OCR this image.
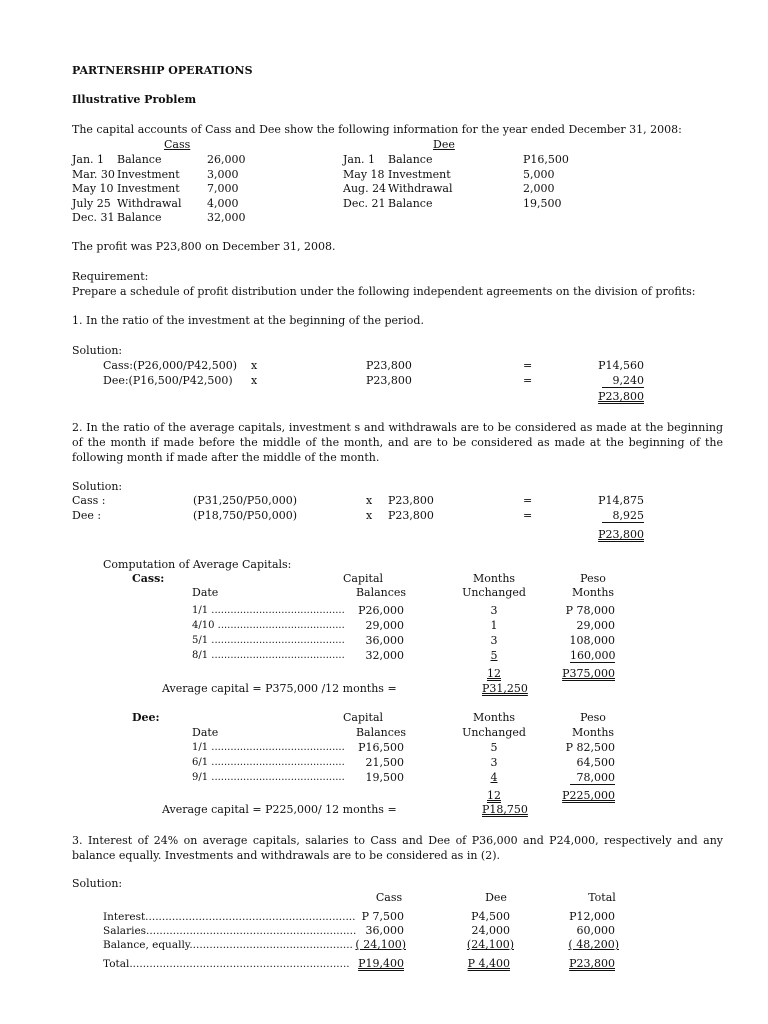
PARTNERSHIP OPERATIONS
Illustrative Problem
The capital accounts of Cass and Dee show the following information for the year ended December 31, 2008:
Cass	Dee
Jan. 1 Balance	26,000
Mar. 30 Investment 3,000
May 10 Investment 7,000
July 25 Withdrawal 4,000
Dec. 31 Balance	32,000
Jan. 1 Balance	P16,500
May 18 Investment	5,000
Aug. 24 Withdrawal	2,000
Dec. 21 Balance	19,500
The profit was P23,800 on December 31, 2008.
Requirement:
Prepare a schedule of profit distribution under the following independent agreements on the division of profits:
1. In the ratio of the investment at the beginning of the period.
Solution:
Cass:(P26,000/P42,500) x	P23,800	=	P14,560
Dee:(P16,500/P42,500) x	P23,800	=	9,240
P23,800
2. In the ratio of the average capitals, investment s and withdrawals are to be considered as made at the beginning of the month if made before the middle of the month, and are to be considered as made at the beginning of the following month if made after the middle of the month.
Solution:
Cass :	(P31,250/P50,000)	x P23,800	=	P14,875
Dee :	(P18,750/P50,000)	x P23,800	=	8,925
P23,800
Computation of Average Capitals:
Cass:	Capital	Months	Peso
Date	Balances	Unchanged	Months
1/1 ..........................................	P26,000	3	P 78,000
4/10 ........................................	29,000	1	29,000
5/1 ..........................................	36,000	3	108,000
8/1 ..........................................	32,000	5	160,000
12	P375,000
Average capital = P375,000 /12 months =	P31,250
Dee:	Capital	Months	Peso
Date	Balances	Unchanged	Months
1/1 ..........................................	P16,500	5	P 82,500
6/1 ..........................................	21,500	3	64,500
9/1 ..........................................	19,500	4	78,000
12	P225,000
Average capital = P225,000/ 12 months =	P18,750
3. Interest of 24% on average capitals, salaries to Cass and Dee of P36,000 and P24,000, respectively and any balance equally. Investments and withdrawals are to be considered as in (2).
Solution:
Cass	Dee	Total
Interest............................................................... P 7,500	P4,500	P12,000
Salaries............................................................... 36,000	24,000	60,000
Balance, equally................................................. ( 24,100)	(24,100)	( 48,200)
Total.................................................................. P19,400	P 4,400	P23,800
